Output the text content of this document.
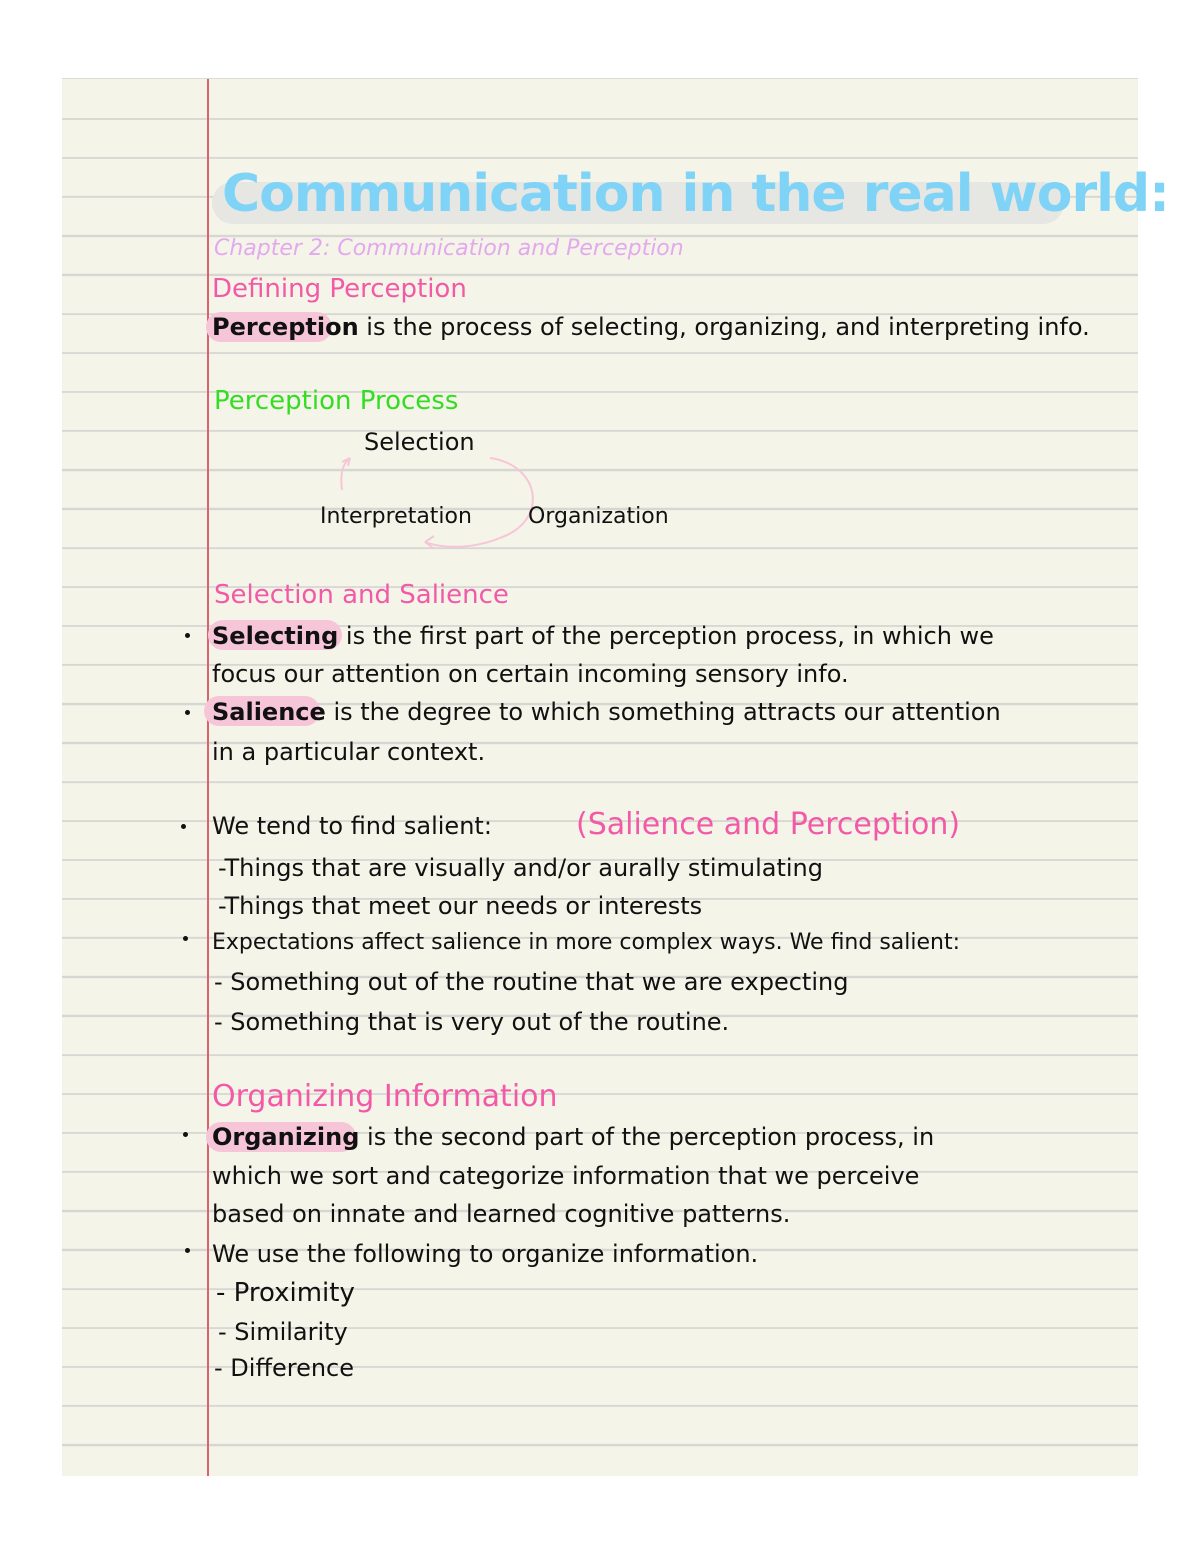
Communication in the real world:
Chapter 2: Communication and Perception
Defining Perception
Perception is the process of selecting, organizing, and interpreting info.
Perception Process
Selection
Interpretation	Organization
Selection and Salience
Selecting is the first part of the perception process, in which we
focus our attention on certain incoming sensory info.
Salience is the degree to which something attracts our attention
in a particular context.
We tend to find salient:	(Salience and Perception)
-Things that are visually and/or aurally stimulating
-Things that meet our needs or interests
Expectations affect salience in more complex ways. We find salient:
- Something out of the routine that we are expecting
- Something that is very out of the routine.
Organizing Information
Organizing is the second part of the perception process, in
which we sort and categorize information that we perceive
based on innate and learned cognitive patterns.
We use the following to organize information.
- Proximity
- Similarity
- Difference
